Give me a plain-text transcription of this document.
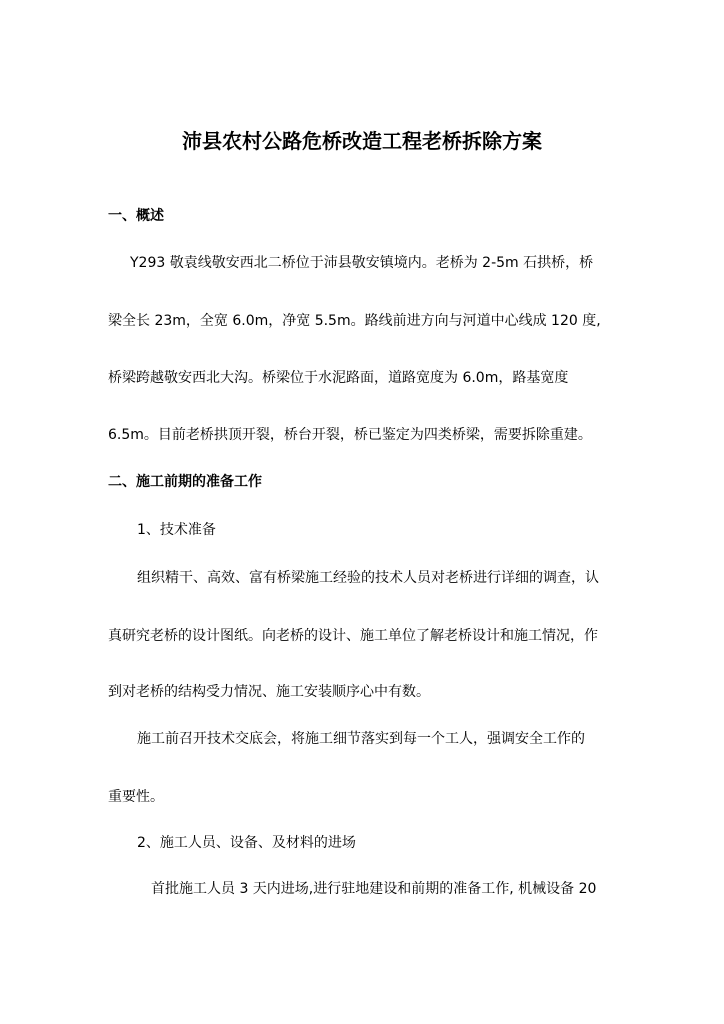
沛县农村公路危桥改造工程老桥拆除方案
一、概述
Y293 敬袁线敬安西北二桥位于沛县敬安镇境内。老桥为 2-5m 石拱桥，桥
梁全长 23m，全宽 6.0m，净宽 5.5m。路线前进方向与河道中心线成 120 度,
桥梁跨越敬安西北大沟。桥梁位于水泥路面，道路宽度为 6.0m，路基宽度
6.5m。目前老桥拱顶开裂，桥台开裂，桥已鉴定为四类桥梁，需要拆除重建。
二、施工前期的准备工作
1、技术准备
组织精干、高效、富有桥梁施工经验的技术人员对老桥进行详细的调查，认
真研究老桥的设计图纸。向老桥的设计、施工单位了解老桥设计和施工情况，作
到对老桥的结构受力情况、施工安装顺序心中有数。
施工前召开技术交底会，将施工细节落实到每一个工人，强调安全工作的
重要性。
2、施工人员、设备、及材料的进场
首批施工人员 3 天内进场,进行驻地建设和前期的准备工作, 机械设备 20
